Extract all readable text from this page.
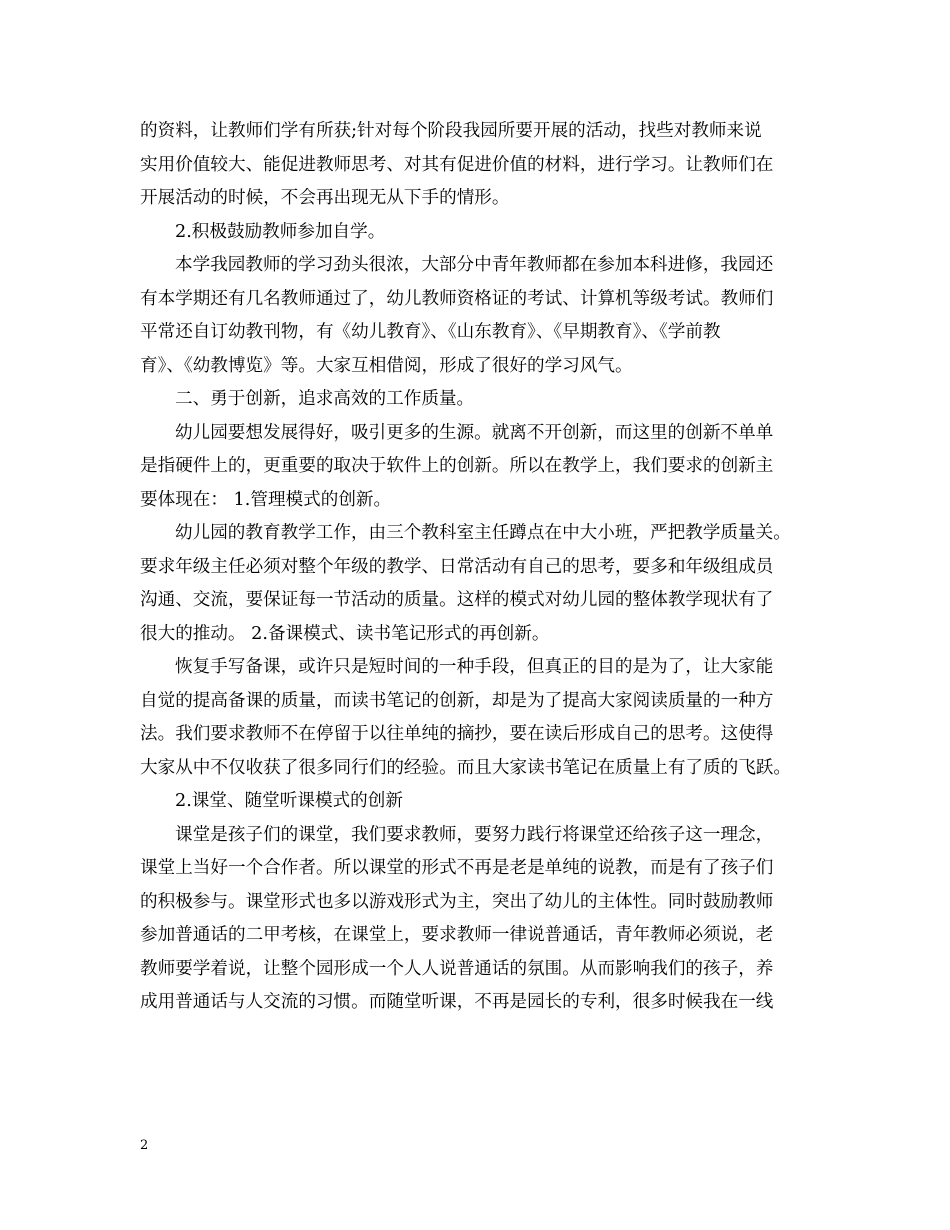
的资料，让教师们学有所获;针对每个阶段我园所要开展的活动，找些对教师来说
实用价值较大、能促进教师思考、对其有促进价值的材料，进行学习。让教师们在
开展活动的时候，不会再出现无从下手的情形。
2.积极鼓励教师参加自学。
本学我园教师的学习劲头很浓，大部分中青年教师都在参加本科进修，我园还
有本学期还有几名教师通过了，幼儿教师资格证的考试、计算机等级考试。教师们
平常还自订幼教刊物，有《幼儿教育》、《山东教育》、《早期教育》、《学前教
育》、《幼教博览》等。大家互相借阅，形成了很好的学习风气。
二、勇于创新，追求高效的工作质量。
幼儿园要想发展得好，吸引更多的生源。就离不开创新，而这里的创新不单单
是指硬件上的，更重要的取决于软件上的创新。所以在教学上，我们要求的创新主
要体现在： 1.管理模式的创新。
幼儿园的教育教学工作，由三个教科室主任蹲点在中大小班，严把教学质量关。
要求年级主任必须对整个年级的教学、日常活动有自己的思考，要多和年级组成员
沟通、交流，要保证每一节活动的质量。这样的模式对幼儿园的整体教学现状有了
很大的推动。 2.备课模式、读书笔记形式的再创新。
恢复手写备课，或许只是短时间的一种手段，但真正的目的是为了，让大家能
自觉的提高备课的质量，而读书笔记的创新，却是为了提高大家阅读质量的一种方
法。我们要求教师不在停留于以往单纯的摘抄，要在读后形成自己的思考。这使得
大家从中不仅收获了很多同行们的经验。而且大家读书笔记在质量上有了质的飞跃。
2.课堂、随堂听课模式的创新
课堂是孩子们的课堂，我们要求教师，要努力践行将课堂还给孩子这一理念，
课堂上当好一个合作者。所以课堂的形式不再是老是单纯的说教，而是有了孩子们
的积极参与。课堂形式也多以游戏形式为主，突出了幼儿的主体性。同时鼓励教师
参加普通话的二甲考核，在课堂上，要求教师一律说普通话，青年教师必须说，老
教师要学着说，让整个园形成一个人人说普通话的氛围。从而影响我们的孩子，养
成用普通话与人交流的习惯。而随堂听课，不再是园长的专利，很多时候我在一线
2
